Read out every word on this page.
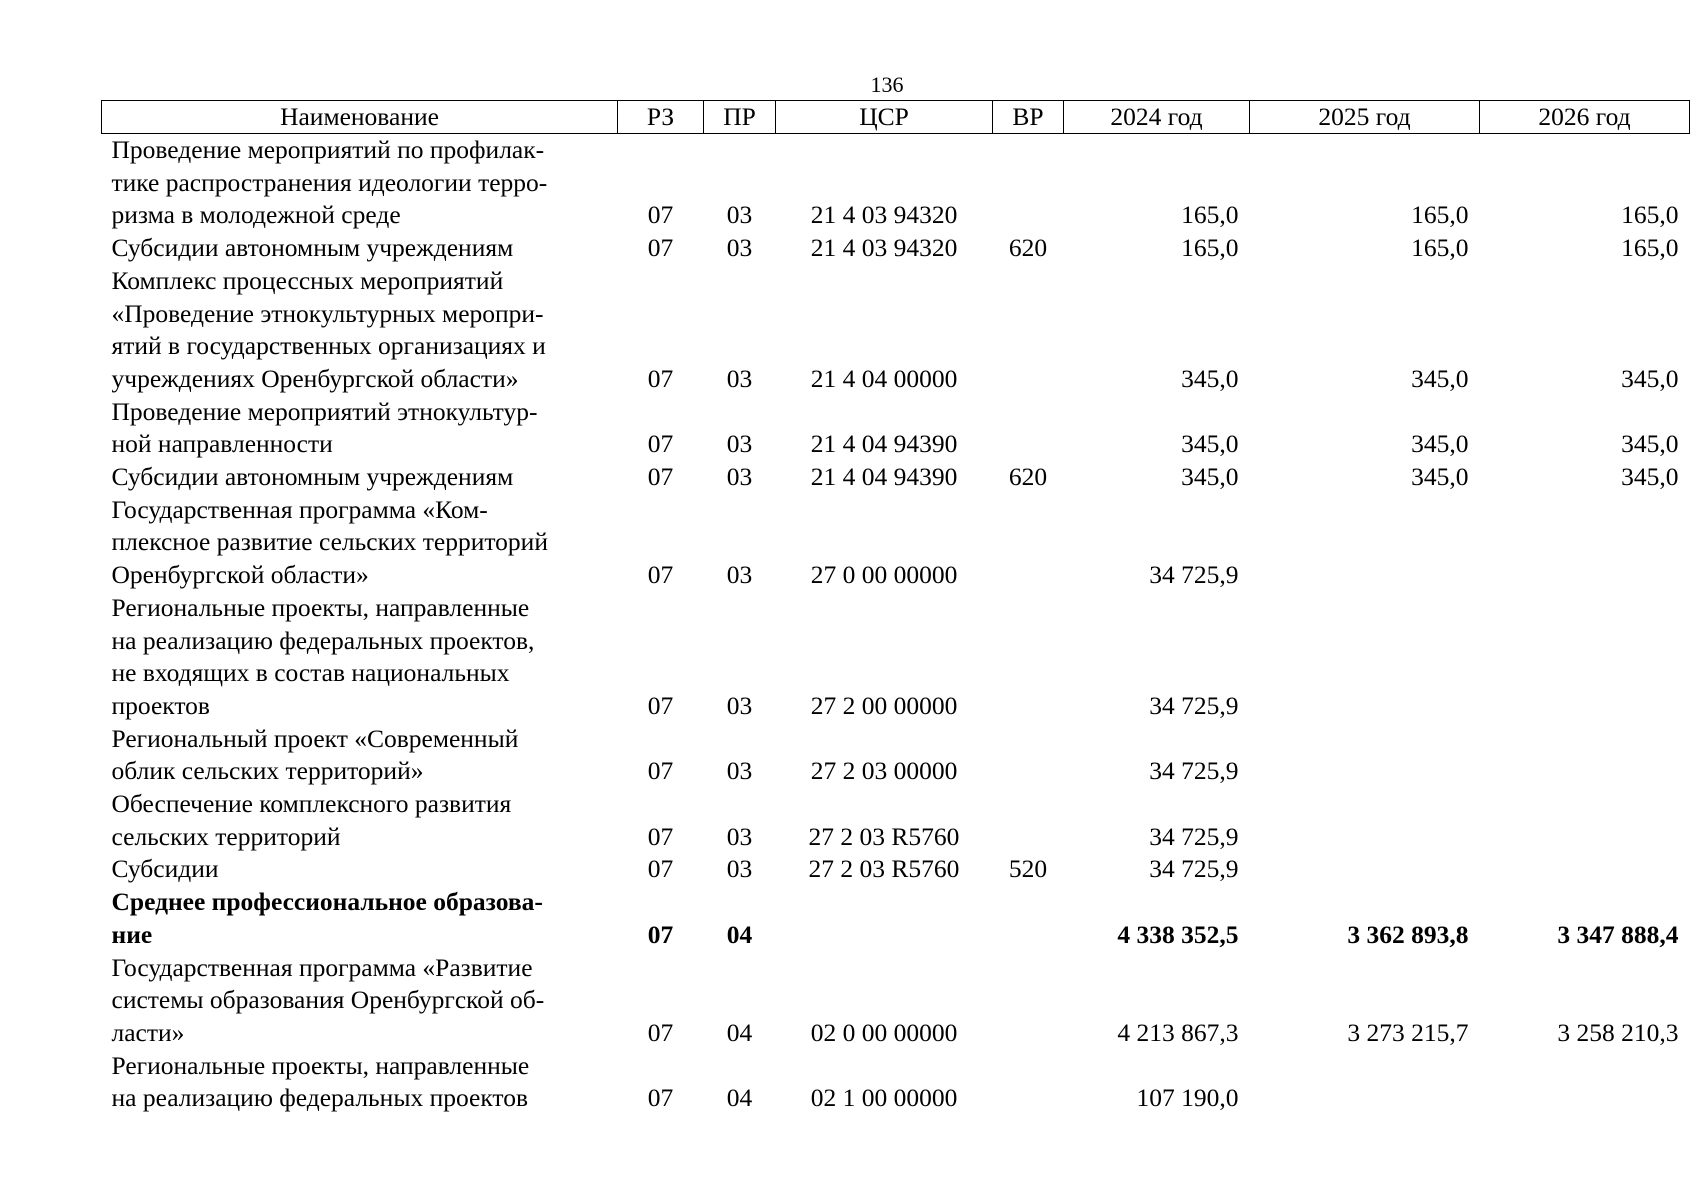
136
Наименование	РЗ	ПР	ЦСР	ВР	2024 год	2025 год	2026 год
Проведение мероприятий по профилак-
тике распространения идеологии терро-
ризма в молодежной среде	07	03	21 4 03 94320		165,0	165,0	165,0
Субсидии автономным учреждениям	07	03	21 4 03 94320	620	165,0	165,0	165,0
Комплекс процессных мероприятий
«Проведение этнокультурных меропри-
ятий в государственных организациях и
учреждениях Оренбургской области»	07	03	21 4 04 00000		345,0	345,0	345,0
Проведение мероприятий этнокультур-
ной направленности	07	03	21 4 04 94390		345,0	345,0	345,0
Субсидии автономным учреждениям	07	03	21 4 04 94390	620	345,0	345,0	345,0
Государственная программа «Ком-
плексное развитие сельских территорий
Оренбургской области»	07	03	27 0 00 00000		34 725,9		
Региональные проекты, направленные
на реализацию федеральных проектов,
не входящих в состав национальных
проектов	07	03	27 2 00 00000		34 725,9		
Региональный проект «Современный
облик сельских территорий»	07	03	27 2 03 00000		34 725,9		
Обеспечение комплексного развития
сельских территорий	07	03	27 2 03 R5760		34 725,9		
Субсидии	07	03	27 2 03 R5760	520	34 725,9		
Среднее профессиональное образова-
ние	07	04			4 338 352,5	3 362 893,8	3 347 888,4
Государственная программа «Развитие
системы образования Оренбургской об-
ласти»	07	04	02 0 00 00000		4 213 867,3	3 273 215,7	3 258 210,3
Региональные проекты, направленные
на реализацию федеральных проектов	07	04	02 1 00 00000		107 190,0		
